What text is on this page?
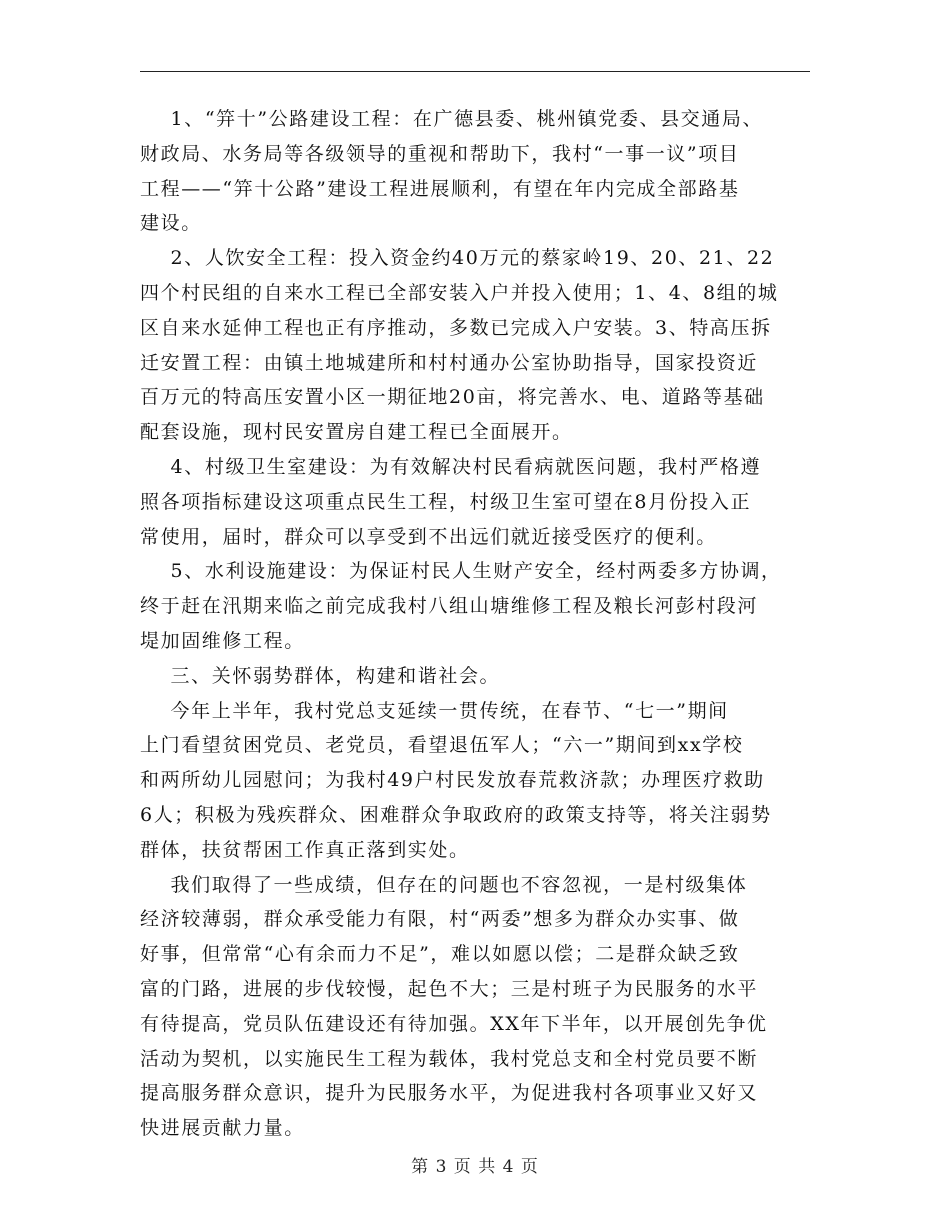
1、“笄十”公路建设工程：在广德县委、桃州镇党委、县交通局、
财政局、水务局等各级领导的重视和帮助下，我村“一事一议”项目
工程——“笄十公路”建设工程进展顺利，有望在年内完成全部路基
建设。
2、人饮安全工程：投入资金约40万元的蔡家岭19、20、21、22
四个村民组的自来水工程已全部安装入户并投入使用；1、4、8组的城
区自来水延伸工程也正有序推动，多数已完成入户安装。3、特高压拆
迁安置工程：由镇土地城建所和村村通办公室协助指导，国家投资近
百万元的特高压安置小区一期征地20亩，将完善水、电、道路等基础
配套设施，现村民安置房自建工程已全面展开。
4、村级卫生室建设：为有效解决村民看病就医问题，我村严格遵
照各项指标建设这项重点民生工程，村级卫生室可望在8月份投入正
常使用，届时，群众可以享受到不出远们就近接受医疗的便利。
5、水利设施建设：为保证村民人生财产安全，经村两委多方协调，
终于赶在汛期来临之前完成我村八组山塘维修工程及粮长河彭村段河
堤加固维修工程。
三、关怀弱势群体，构建和谐社会。
今年上半年，我村党总支延续一贯传统，在春节、“七一”期间
上门看望贫困党员、老党员，看望退伍军人；“六一”期间到xx学校
和两所幼儿园慰问；为我村49户村民发放春荒救济款；办理医疗救助
6人；积极为残疾群众、困难群众争取政府的政策支持等，将关注弱势
群体，扶贫帮困工作真正落到实处。
我们取得了一些成绩，但存在的问题也不容忽视，一是村级集体
经济较薄弱，群众承受能力有限，村“两委”想多为群众办实事、做
好事，但常常“心有余而力不足”，难以如愿以偿；二是群众缺乏致
富的门路，进展的步伐较慢，起色不大；三是村班子为民服务的水平
有待提高，党员队伍建设还有待加强。XX年下半年，以开展创先争优
活动为契机，以实施民生工程为载体，我村党总支和全村党员要不断
提高服务群众意识，提升为民服务水平，为促进我村各项事业又好又
快进展贡献力量。
第 3 页 共 4 页
